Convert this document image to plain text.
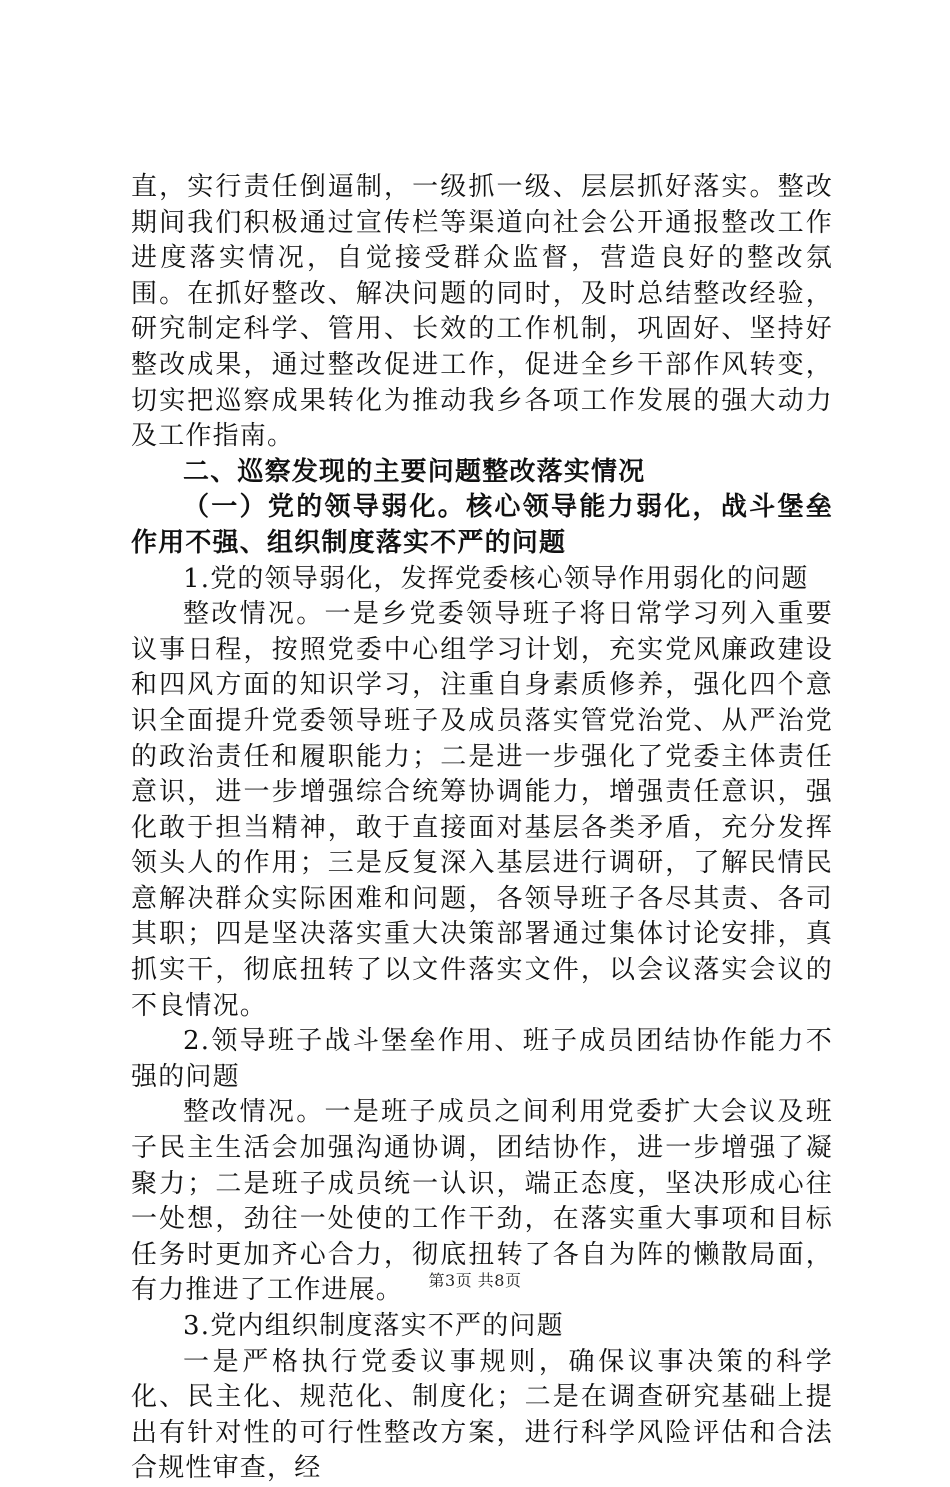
直，实行责任倒逼制，一级抓一级、层层抓好落实。整改期间我们积极通过宣传栏等渠道向社会公开通报整改工作进度落实情况，自觉接受群众监督，营造良好的整改氛围。在抓好整改、解决问题的同时，及时总结整改经验，研究制定科学、管用、长效的工作机制，巩固好、坚持好整改成果，通过整改促进工作，促进全乡干部作风转变，切实把巡察成果转化为推动我乡各项工作发展的强大动力及工作指南。

二、巡察发现的主要问题整改落实情况

（一）党的领导弱化。核心领导能力弱化，战斗堡垒作用不强、组织制度落实不严的问题

1.党的领导弱化，发挥党委核心领导作用弱化的问题

整改情况。一是乡党委领导班子将日常学习列入重要议事日程，按照党委中心组学习计划，充实党风廉政建设和四风方面的知识学习，注重自身素质修养，强化四个意识全面提升党委领导班子及成员落实管党治党、从严治党的政治责任和履职能力；二是进一步强化了党委主体责任意识，进一步增强综合统筹协调能力，增强责任意识，强化敢于担当精神，敢于直接面对基层各类矛盾，充分发挥领头人的作用；三是反复深入基层进行调研，了解民情民意解决群众实际困难和问题，各领导班子各尽其责、各司其职；四是坚决落实重大决策部署通过集体讨论安排，真抓实干，彻底扭转了以文件落实文件，以会议落实会议的不良情况。

2.领导班子战斗堡垒作用、班子成员团结协作能力不强的问题

整改情况。一是班子成员之间利用党委扩大会议及班子民主生活会加强沟通协调，团结协作，进一步增强了凝聚力；二是班子成员统一认识，端正态度，坚决形成心往一处想，劲往一处使的工作干劲，在落实重大事项和目标任务时更加齐心合力，彻底扭转了各自为阵的懒散局面，有力推进了工作进展。

3.党内组织制度落实不严的问题

一是严格执行党委议事规则，确保议事决策的科学化、民主化、规范化、制度化；二是在调查研究基础上提出有针对性的可行性整改方案，进行科学风险评估和合法合规性审查，经

第3页 共8页
